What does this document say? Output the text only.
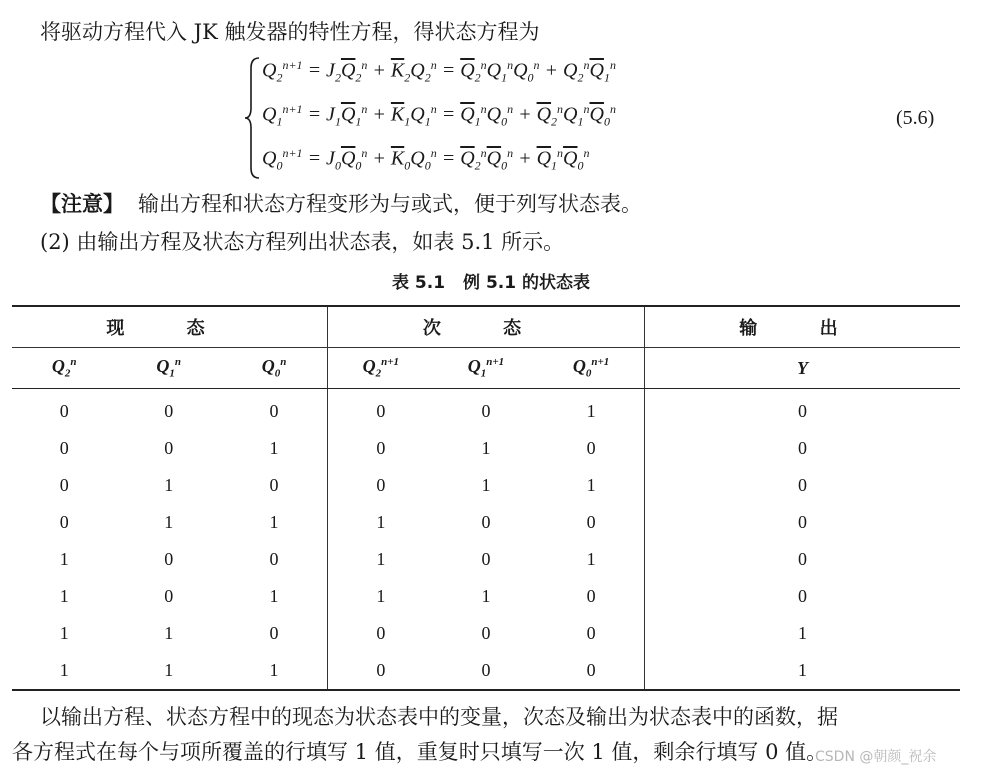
将驱动方程代入 JK 触发器的特性方程，得状态方程为
$Q_2^{n+1} = J_2\overline{Q}_2^n + \overline{K}_2Q_2^n = \overline{Q}_2^nQ_1^nQ_0^n + Q_2^n\overline{Q}_1^n$
$Q_1^{n+1} = J_1\overline{Q}_1^n + \overline{K}_1Q_1^n = \overline{Q}_1^nQ_0^n + \overline{Q}_2^nQ_1^n\overline{Q}_0^n$
$Q_0^{n+1} = J_0\overline{Q}_0^n + \overline{K}_0Q_0^n = \overline{Q}_2^n\overline{Q}_0^n + \overline{Q}_1^n\overline{Q}_0^n$
(5.6)
【注意】 输出方程和状态方程变形为与或式，便于列写状态表。
(2) 由输出方程及状态方程列出状态表，如表 5.1 所示。
表 5.1 例 5.1 的状态表
现 态			次 态			输 出
$Q_2^n$	$Q_1^n$	$Q_0^n$	$Q_2^{n+1}$	$Q_1^{n+1}$	$Q_0^{n+1}$	Y
0	0	0	0	0	1	0
0	0	1	0	1	0	0
0	1	0	0	1	1	0
0	1	1	1	0	0	0
1	0	0	1	0	1	0
1	0	1	1	1	0	0
1	1	0	0	0	0	1
1	1	1	0	0	0	1
以输出方程、状态方程中的现态为状态表中的变量，次态及输出为状态表中的函数，据
各方程式在每个与项所覆盖的行填写 1 值，重复时只填写一次 1 值，剩余行填写 0 值。
CSDN @朝颜_祝余
